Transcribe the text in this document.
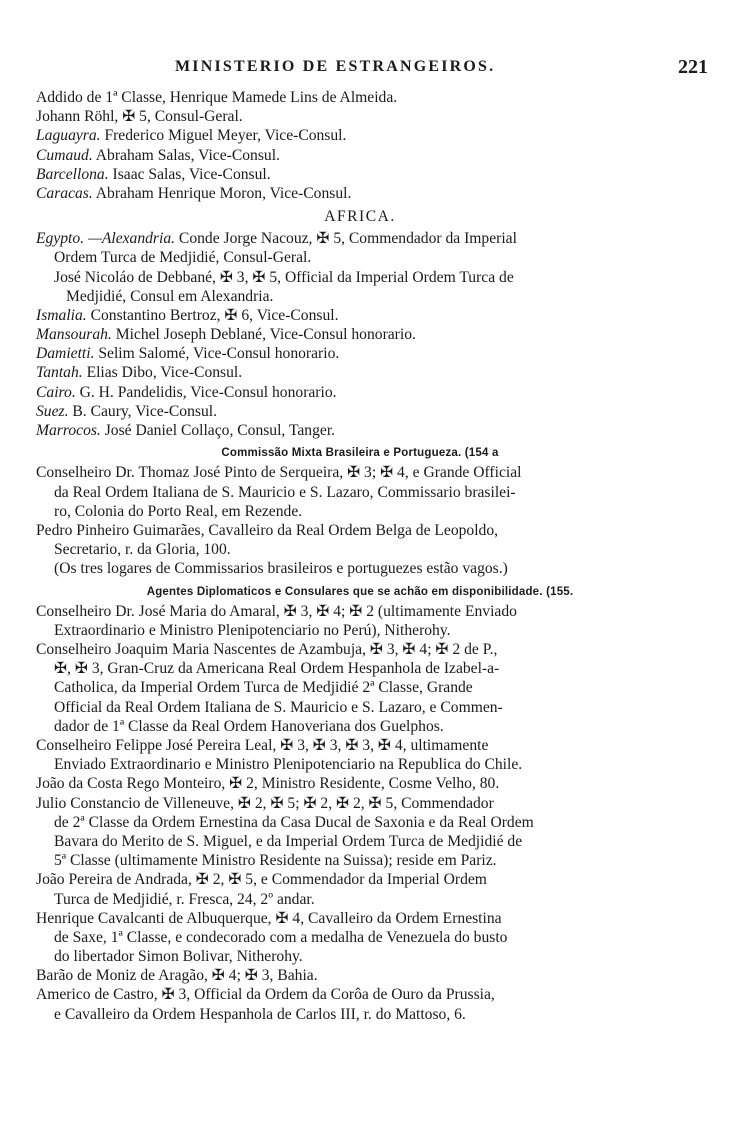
MINISTERIO DE ESTRANGEIROS.	221
Addido de 1ª Classe, Henrique Mamede Lins de Almeida.
Johann Röhl, ✠ 5, Consul-Geral.
Laguayra. Frederico Miguel Meyer, Vice-Consul.
Cumaud. Abraham Salas, Vice-Consul.
Barcellona. Isaac Salas, Vice-Consul.
Caracas. Abraham Henrique Moron, Vice-Consul.
AFRICA.
Egypto. —Alexandria. Conde Jorge Nacouz, ✠ 5, Commendador da Imperial
Ordem Turca de Medjidié, Consul-Geral.
José Nicoláo de Debbané, ✠ 3, ✠ 5, Official da Imperial Ordem Turca de
Medjidié, Consul em Alexandria.
Ismalia. Constantino Bertroz, ✠ 6, Vice-Consul.
Mansourah. Michel Joseph Deblané, Vice-Consul honorario.
Damietti. Selim Salomé, Vice-Consul honorario.
Tantah. Elias Dibo, Vice-Consul.
Cairo. G. H. Pandelidis, Vice-Consul honorario.
Suez. B. Caury, Vice-Consul.
Marrocos. José Daniel Collaço, Consul, Tanger.
Commissão Mixta Brasileira e Portugueza. (154 a
Conselheiro Dr. Thomaz José Pinto de Serqueira, ✠ 3; ✠ 4, e Grande Official
da Real Ordem Italiana de S. Mauricio e S. Lazaro, Commissario brasilei-
ro, Colonia do Porto Real, em Rezende.
Pedro Pinheiro Guimarães, Cavalleiro da Real Ordem Belga de Leopoldo,
Secretario, r. da Gloria, 100.
(Os tres logares de Commissarios brasileiros e portuguezes estão vagos.)
Agentes Diplomaticos e Consulares que se achão em disponibilidade. (155.
Conselheiro Dr. José Maria do Amaral, ✠ 3, ✠ 4; ✠ 2 (ultimamente Enviado
Extraordinario e Ministro Plenipotenciario no Perú), Nitherohy.
Conselheiro Joaquim Maria Nascentes de Azambuja, ✠ 3, ✠ 4; ✠ 2 de P.,
✠, ✠ 3, Gran-Cruz da Americana Real Ordem Hespanhola de Izabel-a-
Catholica, da Imperial Ordem Turca de Medjidié 2ª Classe, Grande
Official da Real Ordem Italiana de S. Mauricio e S. Lazaro, e Commen-
dador de 1ª Classe da Real Ordem Hanoveriana dos Guelphos.
Conselheiro Felippe José Pereira Leal, ✠ 3, ✠ 3, ✠ 3, ✠ 4, ultimamente
Enviado Extraordinario e Ministro Plenipotenciario na Republica do Chile.
João da Costa Rego Monteiro, ✠ 2, Ministro Residente, Cosme Velho, 80.
Julio Constancio de Villeneuve, ✠ 2, ✠ 5; ✠ 2, ✠ 2, ✠ 5, Commendador
de 2ª Classe da Ordem Ernestina da Casa Ducal de Saxonia e da Real Ordem
Bavara do Merito de S. Miguel, e da Imperial Ordem Turca de Medjidié de
5ª Classe (ultimamente Ministro Residente na Suissa); reside em Pariz.
João Pereira de Andrada, ✠ 2, ✠ 5, e Commendador da Imperial Ordem
Turca de Medjidié, r. Fresca, 24, 2º andar.
Henrique Cavalcanti de Albuquerque, ✠ 4, Cavalleiro da Ordem Ernestina
de Saxe, 1ª Classe, e condecorado com a medalha de Venezuela do busto
do libertador Simon Bolivar, Nitherohy.
Barão de Moniz de Aragão, ✠ 4; ✠ 3, Bahia.
Americo de Castro, ✠ 3, Official da Ordem da Corôa de Ouro da Prussia,
e Cavalleiro da Ordem Hespanhola de Carlos III, r. do Mattoso, 6.
